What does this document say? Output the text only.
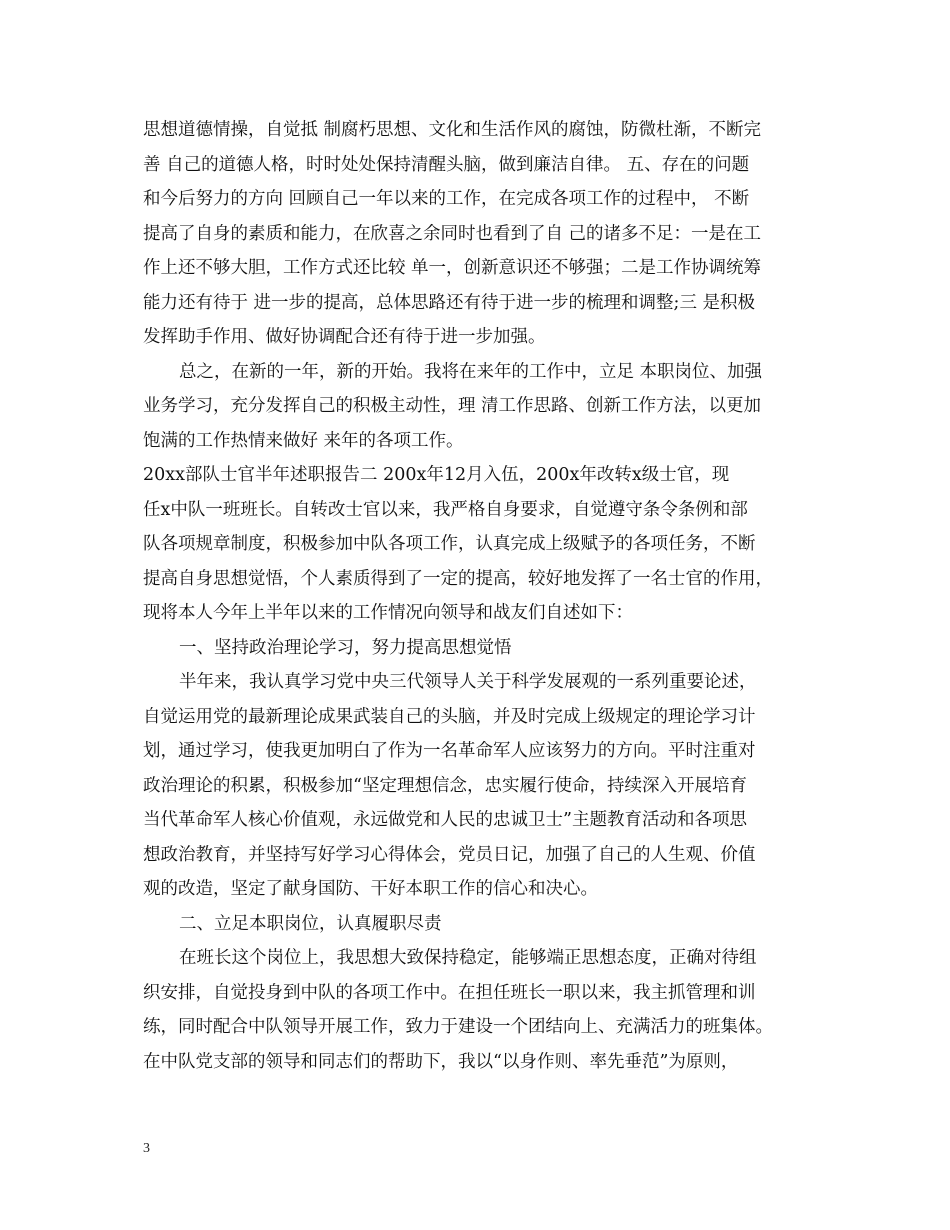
思想道德情操，自觉抵 制腐朽思想、文化和生活作风的腐蚀，防微杜渐，不断完
善 自己的道德人格，时时处处保持清醒头脑，做到廉洁自律。 五、存在的问题
和今后努力的方向 回顾自己一年以来的工作，在完成各项工作的过程中， 不断
提高了自身的素质和能力，在欣喜之余同时也看到了自 己的诸多不足：一是在工
作上还不够大胆，工作方式还比较 单一，创新意识还不够强；二是工作协调统筹
能力还有待于 进一步的提高，总体思路还有待于进一步的梳理和调整;三 是积极
发挥助手作用、做好协调配合还有待于进一步加强。
总之，在新的一年，新的开始。我将在来年的工作中，立足 本职岗位、加强
业务学习，充分发挥自己的积极主动性，理 清工作思路、创新工作方法，以更加
饱满的工作热情来做好 来年的各项工作。
20xx部队士官半年述职报告二 200x年12月入伍，200x年改转x级士官，现
任x中队一班班长。自转改士官以来，我严格自身要求，自觉遵守条令条例和部
队各项规章制度，积极参加中队各项工作，认真完成上级赋予的各项任务，不断
提高自身思想觉悟，个人素质得到了一定的提高，较好地发挥了一名士官的作用，
现将本人今年上半年以来的工作情况向领导和战友们自述如下：
一、坚持政治理论学习，努力提高思想觉悟
半年来，我认真学习党中央三代领导人关于科学发展观的一系列重要论述，
自觉运用党的最新理论成果武装自己的头脑，并及时完成上级规定的理论学习计
划，通过学习，使我更加明白了作为一名革命军人应该努力的方向。平时注重对
政治理论的积累，积极参加“坚定理想信念，忠实履行使命，持续深入开展培育
当代革命军人核心价值观，永远做党和人民的忠诚卫士”主题教育活动和各项思
想政治教育，并坚持写好学习心得体会，党员日记，加强了自己的人生观、价值
观的改造，坚定了献身国防、干好本职工作的信心和决心。
二、立足本职岗位，认真履职尽责
在班长这个岗位上，我思想大致保持稳定，能够端正思想态度，正确对待组
织安排，自觉投身到中队的各项工作中。在担任班长一职以来，我主抓管理和训
练，同时配合中队领导开展工作，致力于建设一个团结向上、充满活力的班集体。
在中队党支部的领导和同志们的帮助下，我以“以身作则、率先垂范”为原则，
3
